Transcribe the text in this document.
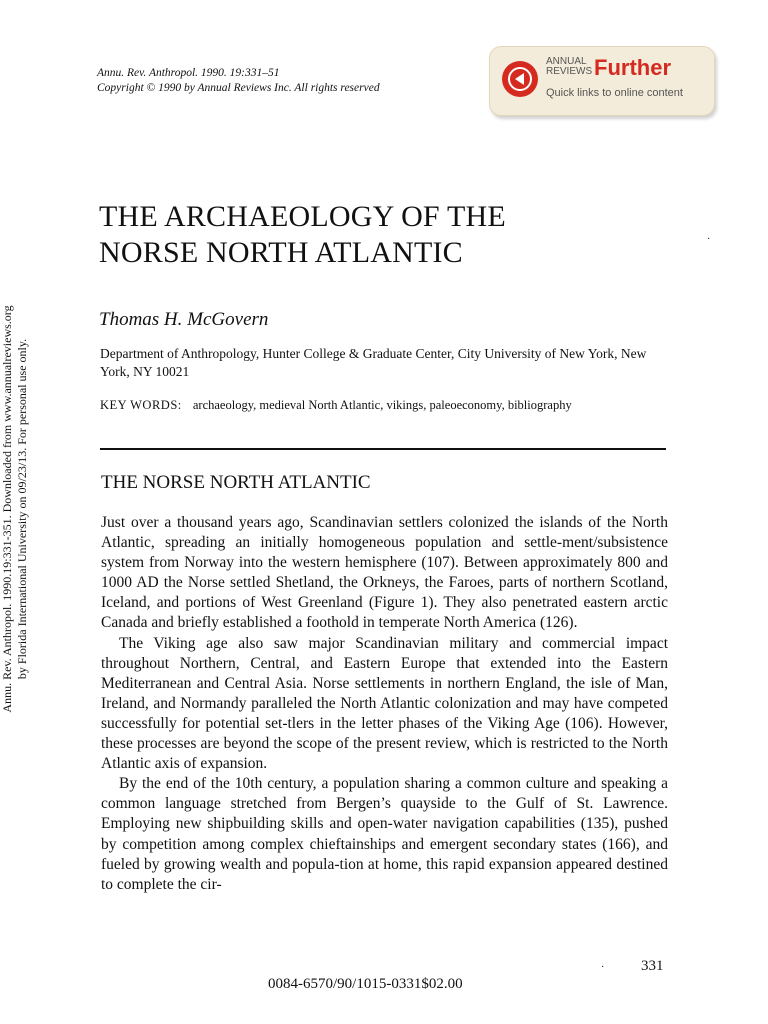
Annu. Rev. Anthropol. 1990. 19:331–51
Copyright © 1990 by Annual Reviews Inc. All rights reserved
ANNUAL
REVIEWS Further
Quick links to online content
THE ARCHAEOLOGY OF THE
NORSE NORTH ATLANTIC
Thomas H. McGovern
Department of Anthropology, Hunter College & Graduate Center, City University of New York, New York, NY 10021
KEY WORDS: archaeology, medieval North Atlantic, vikings, paleoeconomy, bibliography
THE NORSE NORTH ATLANTIC

Just over a thousand years ago, Scandinavian settlers colonized the islands of the North Atlantic, spreading an initially homogeneous population and settle-ment/subsistence system from Norway into the western hemisphere (107). Between approximately 800 and 1000 AD the Norse settled Shetland, the Orkneys, the Faroes, parts of northern Scotland, Iceland, and portions of West Greenland (Figure 1). They also penetrated eastern arctic Canada and briefly established a foothold in temperate North America (126).

The Viking age also saw major Scandinavian military and commercial impact throughout Northern, Central, and Eastern Europe that extended into the Eastern Mediterranean and Central Asia. Norse settlements in northern England, the isle of Man, Ireland, and Normandy paralleled the North Atlantic colonization and may have competed successfully for potential set-tlers in the letter phases of the Viking Age (106). However, these processes are beyond the scope of the present review, which is restricted to the North Atlantic axis of expansion.

By the end of the 10th century, a population sharing a common culture and speaking a common language stretched from Bergen’s quayside to the Gulf of St. Lawrence. Employing new shipbuilding skills and open-water navigation capabilities (135), pushed by competition among complex chieftainships and emergent secondary states (166), and fueled by growing wealth and popula-tion at home, this rapid expansion appeared destined to complete the cir-

·
· 331
0084-6570/90/1015-0331$02.00
Annu. Rev. Anthropol. 1990.19:331-351. Downloaded from www.annualreviews.org by Florida International University on 09/23/13. For personal use only.
